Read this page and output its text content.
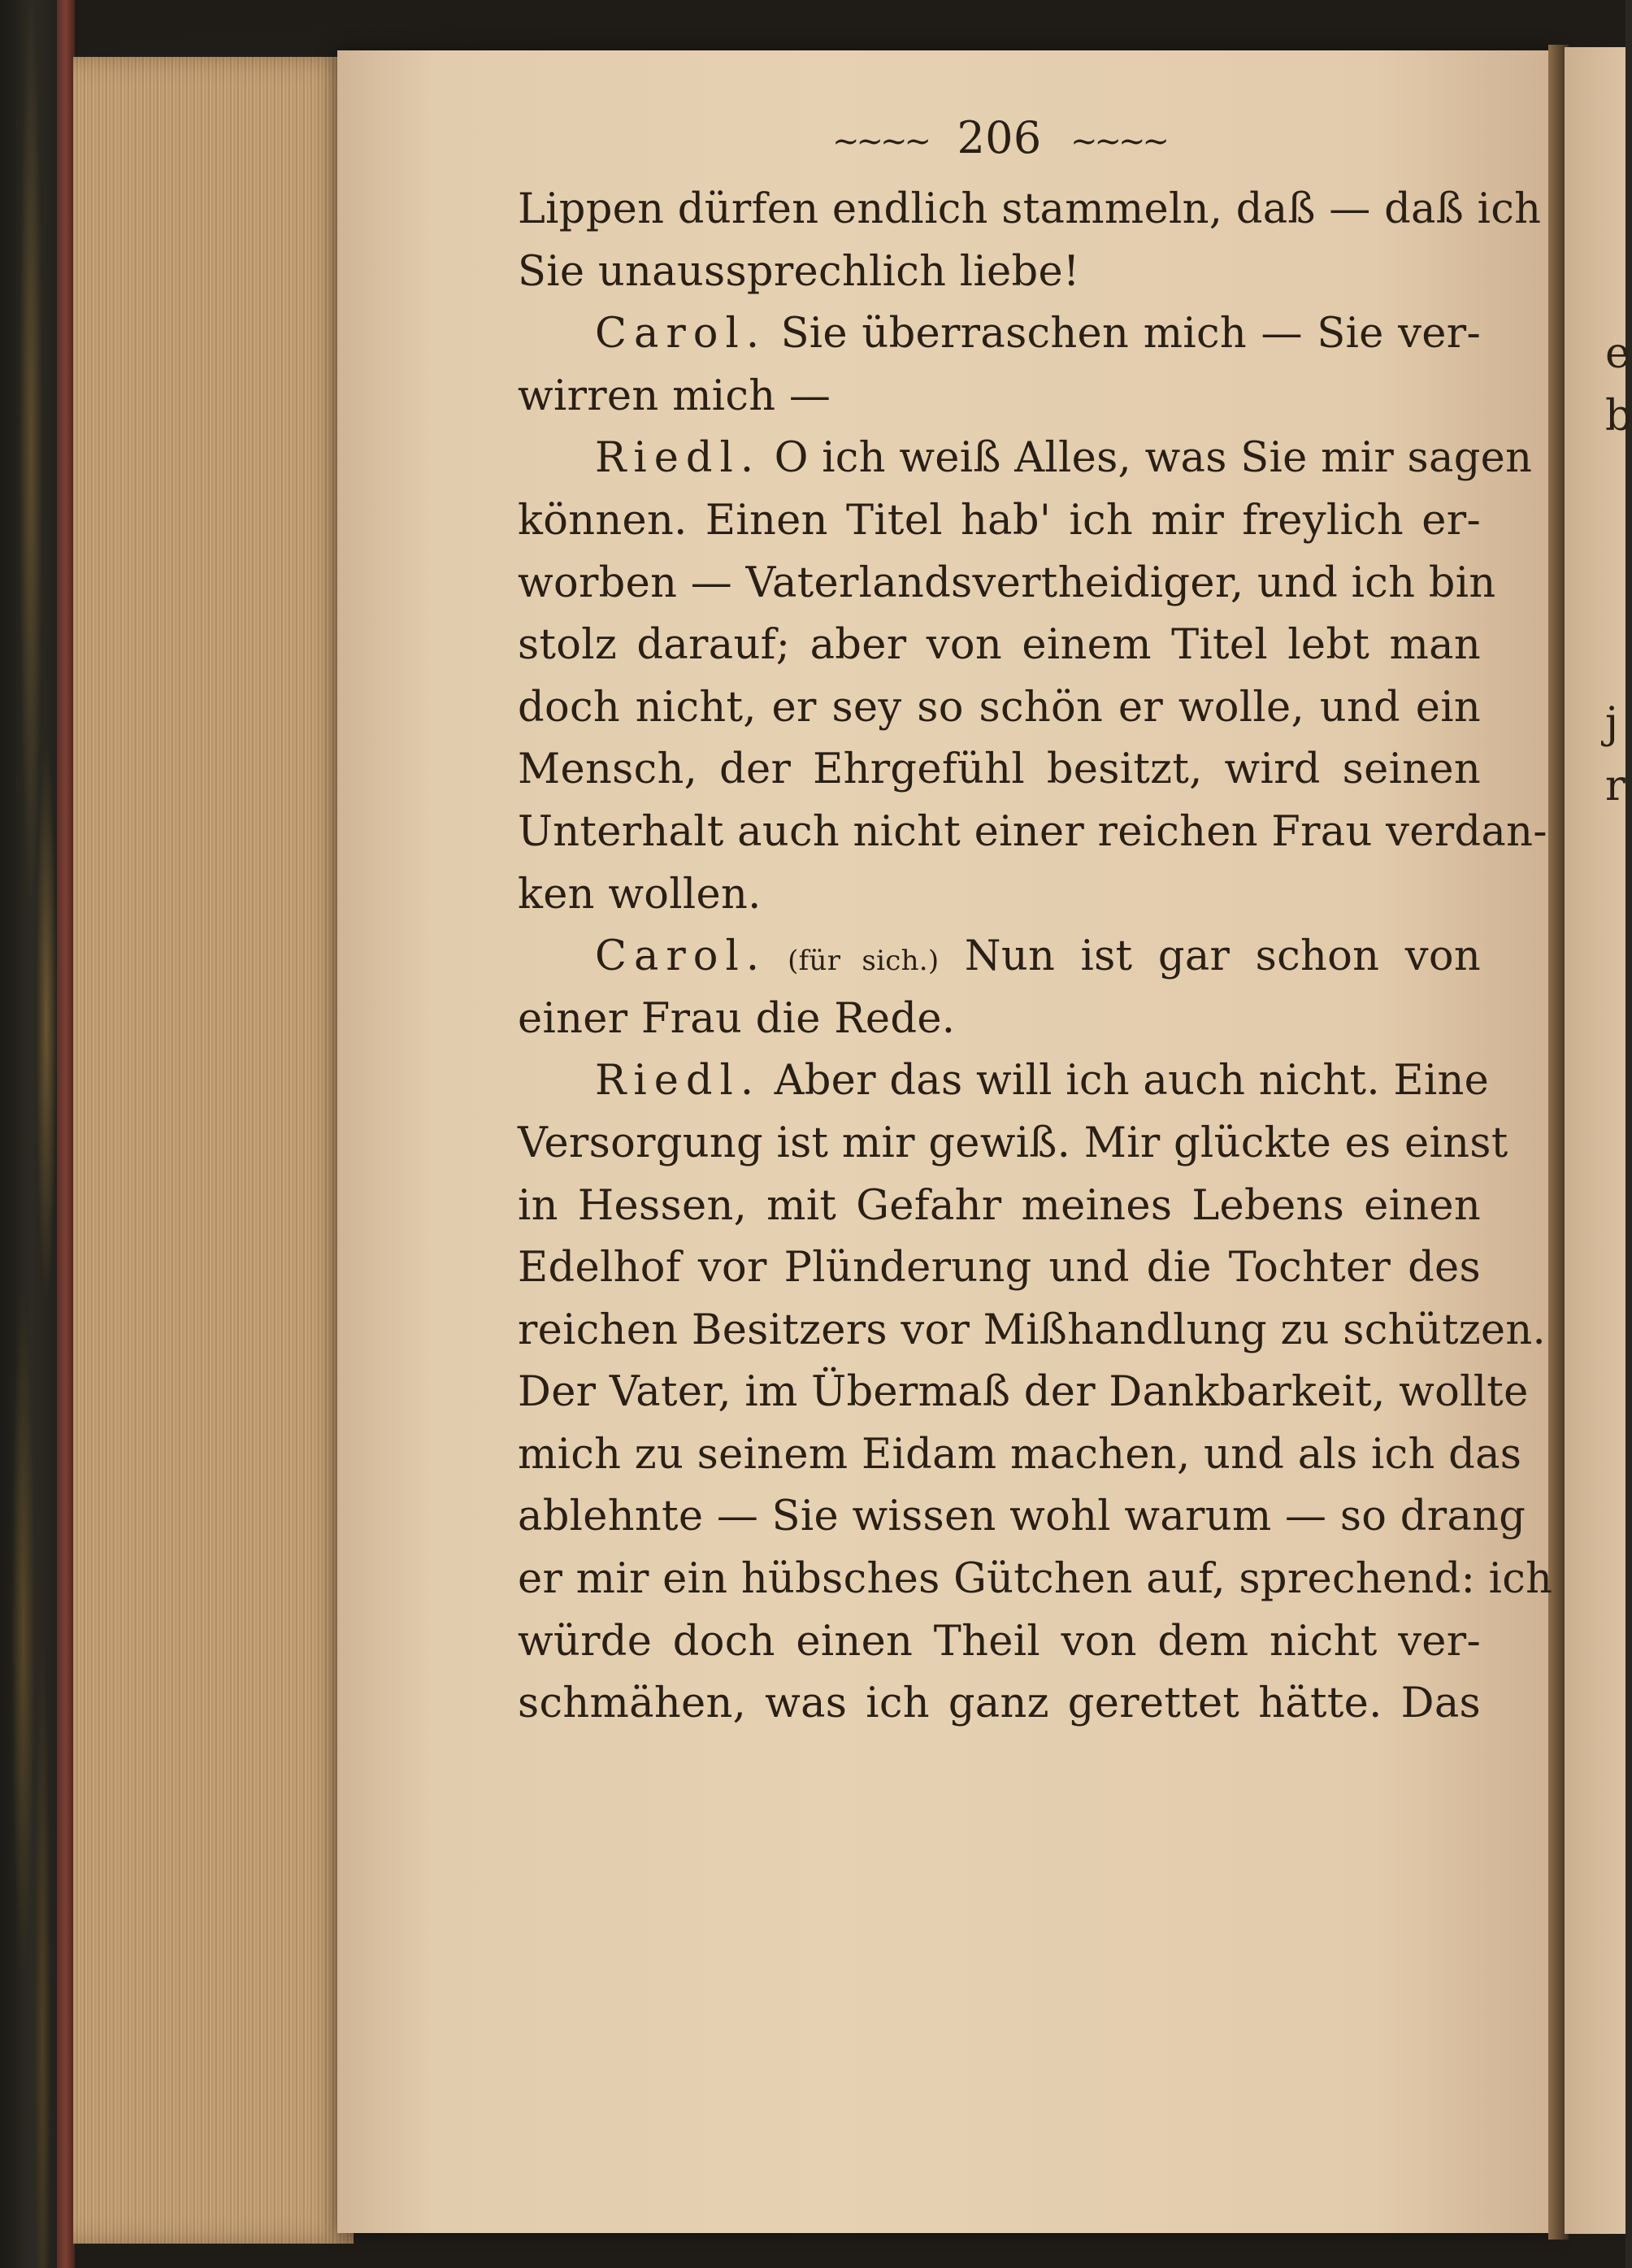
e
b
j
r
~~~~ 206 ~~~~
Lippen dürfen endlich stammeln, daß — daß ich
Sie unaussprechlich liebe!
Carol. Sie überraschen mich — Sie ver-
wirren mich —
Riedl. O ich weiß Alles, was Sie mir sagen
können. Einen Titel hab' ich mir freylich er-
worben — Vaterlandsvertheidiger, und ich bin
stolz darauf; aber von einem Titel lebt man
doch nicht, er sey so schön er wolle, und ein
Mensch, der Ehrgefühl besitzt, wird seinen
Unterhalt auch nicht einer reichen Frau verdan-
ken wollen.
Carol. (für sich.) Nun ist gar schon von
einer Frau die Rede.
Riedl. Aber das will ich auch nicht. Eine
Versorgung ist mir gewiß. Mir glückte es einst
in Hessen, mit Gefahr meines Lebens einen
Edelhof vor Plünderung und die Tochter des
reichen Besitzers vor Mißhandlung zu schützen.
Der Vater, im Übermaß der Dankbarkeit, wollte
mich zu seinem Eidam machen, und als ich das
ablehnte — Sie wissen wohl warum — so drang
er mir ein hübsches Gütchen auf, sprechend: ich
würde doch einen Theil von dem nicht ver-
schmähen, was ich ganz gerettet hätte. Das
